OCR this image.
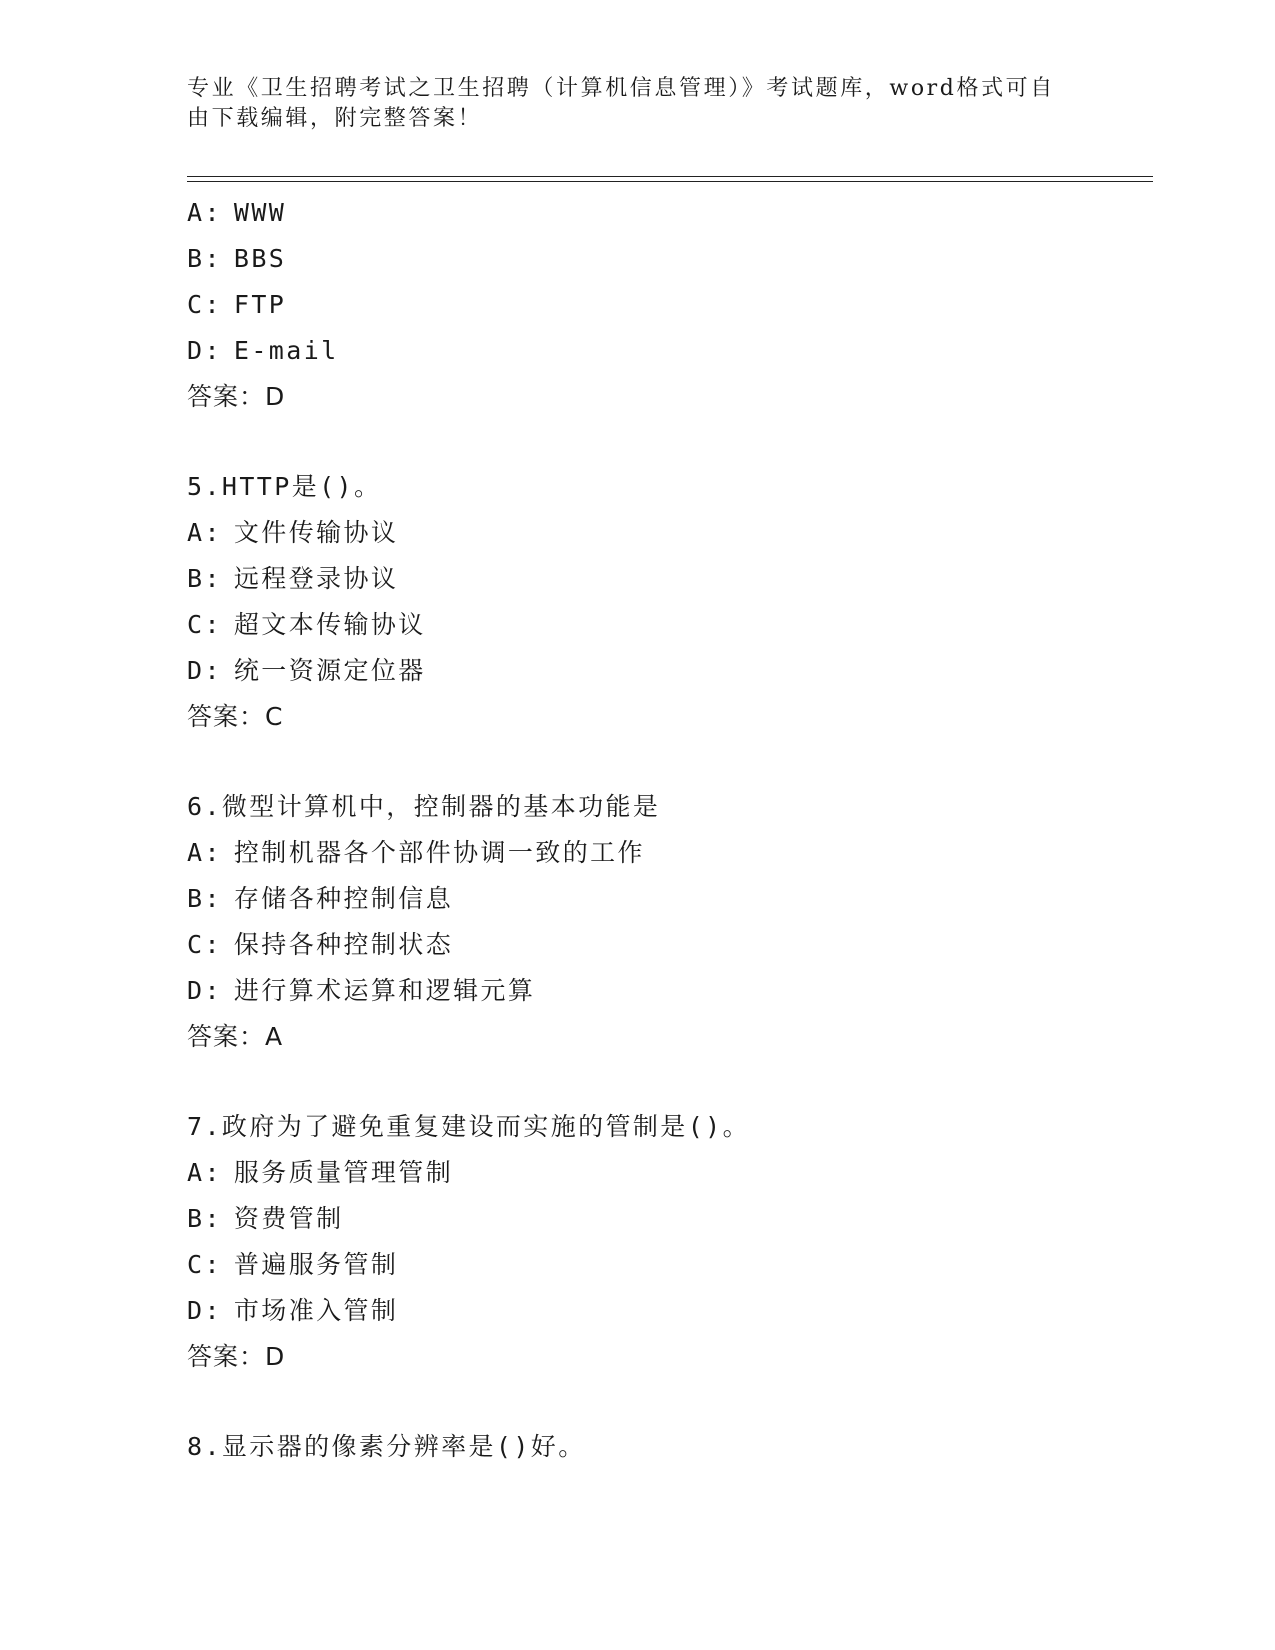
专业《卫生招聘考试之卫生招聘（计算机信息管理）》考试题库，word格式可自
由下载编辑，附完整答案！
A: WWW
B: BBS
C: FTP
D: E-mail
答案：D
5.HTTP是()。
A: 文件传输协议
B: 远程登录协议
C: 超文本传输协议
D: 统一资源定位器
答案：C
6.微型计算机中，控制器的基本功能是
A: 控制机器各个部件协调一致的工作
B: 存储各种控制信息
C: 保持各种控制状态
D: 进行算术运算和逻辑元算
答案：A
7.政府为了避免重复建设而实施的管制是()。
A: 服务质量管理管制
B: 资费管制
C: 普遍服务管制
D: 市场准入管制
答案：D
8.显示器的像素分辨率是()好。
